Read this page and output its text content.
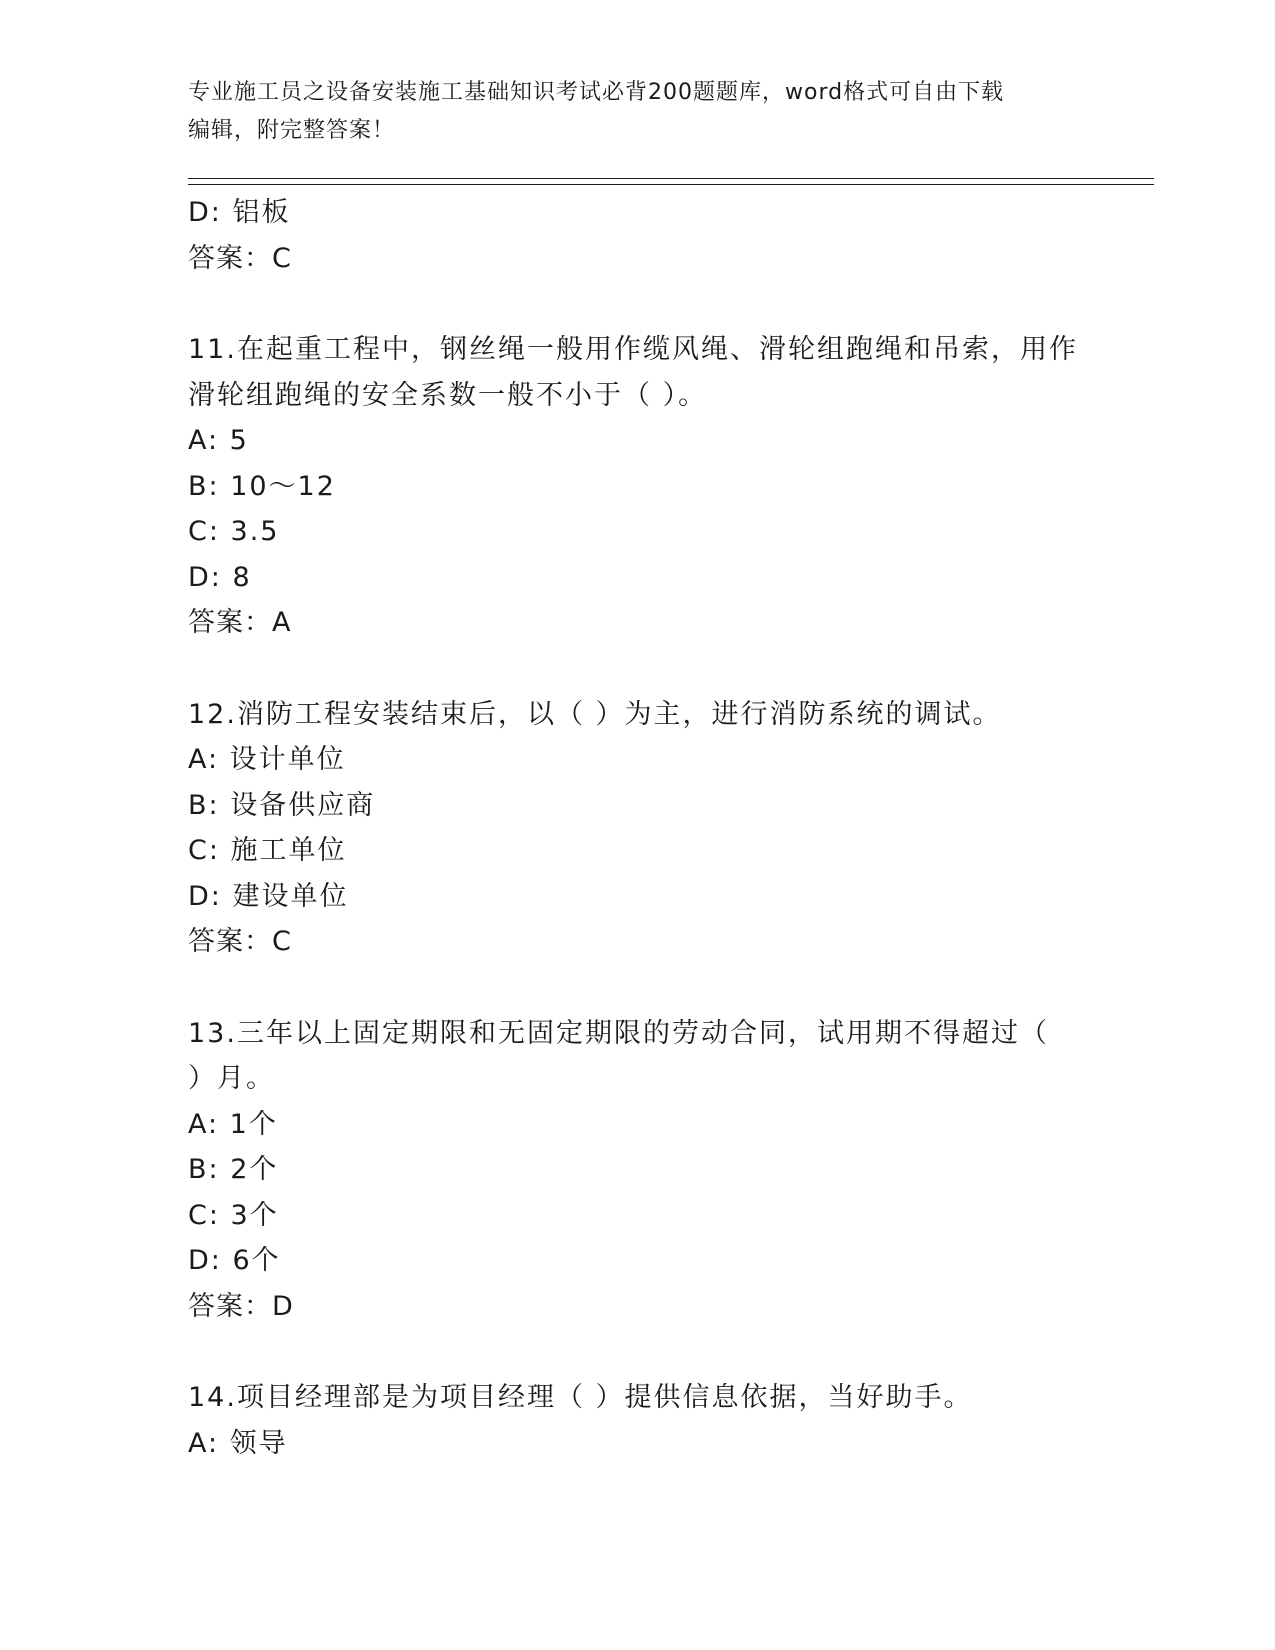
专业施工员之设备安装施工基础知识考试必背200题题库，word格式可自由下载
编辑，附完整答案！
D: 铝板
答案：C
11.在起重工程中，钢丝绳一般用作缆风绳、滑轮组跑绳和吊索，用作
滑轮组跑绳的安全系数一般不小于（ ）。
A: 5
B: 10～12
C: 3.5
D: 8
答案：A
12.消防工程安装结束后，以（ ）为主，进行消防系统的调试。
A: 设计单位
B: 设备供应商
C: 施工单位
D: 建设单位
答案：C
13.三年以上固定期限和无固定期限的劳动合同，试用期不得超过（
）月。
A: 1个
B: 2个
C: 3个
D: 6个
答案：D
14.项目经理部是为项目经理（ ）提供信息依据，当好助手。
A: 领导
